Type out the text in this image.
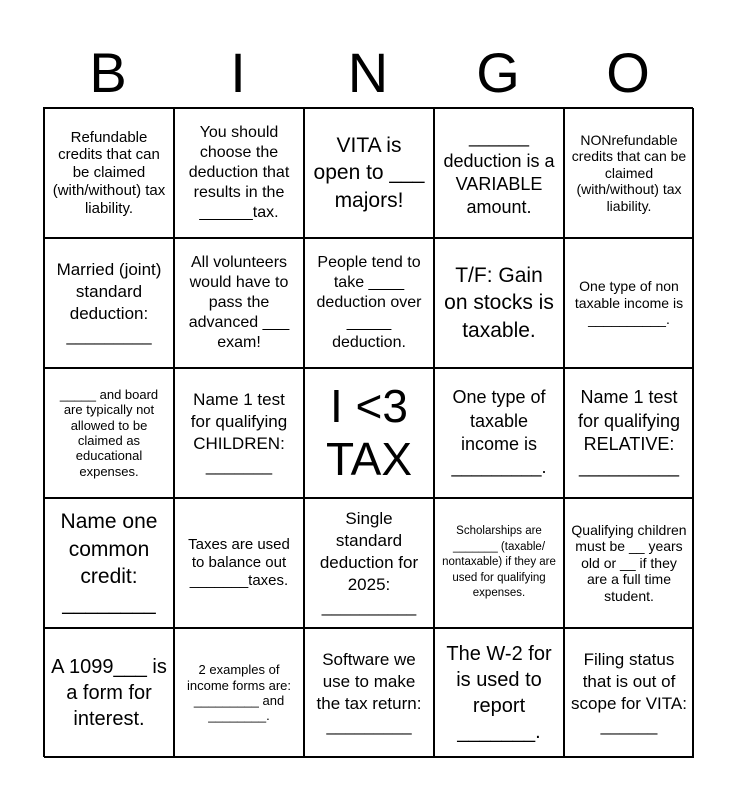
B	I	N	G	O
Refundable credits that can be claimed (with/without) tax liability.
You should choose the deduction that results in the ______tax.
VITA is open to ___ majors!
______ deduction is a VARIABLE amount.
NONrefundable credits that can be claimed (with/without) tax liability.
Married (joint) standard deduction: _________
All volunteers would have to pass the advanced ___ exam!
People tend to take ____ deduction over _____ deduction.
T/F: Gain on stocks is taxable.
One type of non taxable income is __________.
_____ and board are typically not allowed to be claimed as educational expenses.
Name 1 test for qualifying CHILDREN: _______
I <3 TAX
One type of taxable income is _________.
Name 1 test for qualifying RELATIVE: __________
Name one common credit: ________
Taxes are used to balance out _______taxes.
Single standard deduction for 2025: __________
Scholarships are _______ (taxable/ nontaxable) if they are used for qualifying expenses.
Qualifying children must be __ years old or __ if they are a full time student.
A 1099___ is a form for interest.
2 examples of income forms are: _________ and ________.
Software we use to make the tax return: _________
The W-2 for is used to report _______.
Filing status that is out of scope for VITA: ______
